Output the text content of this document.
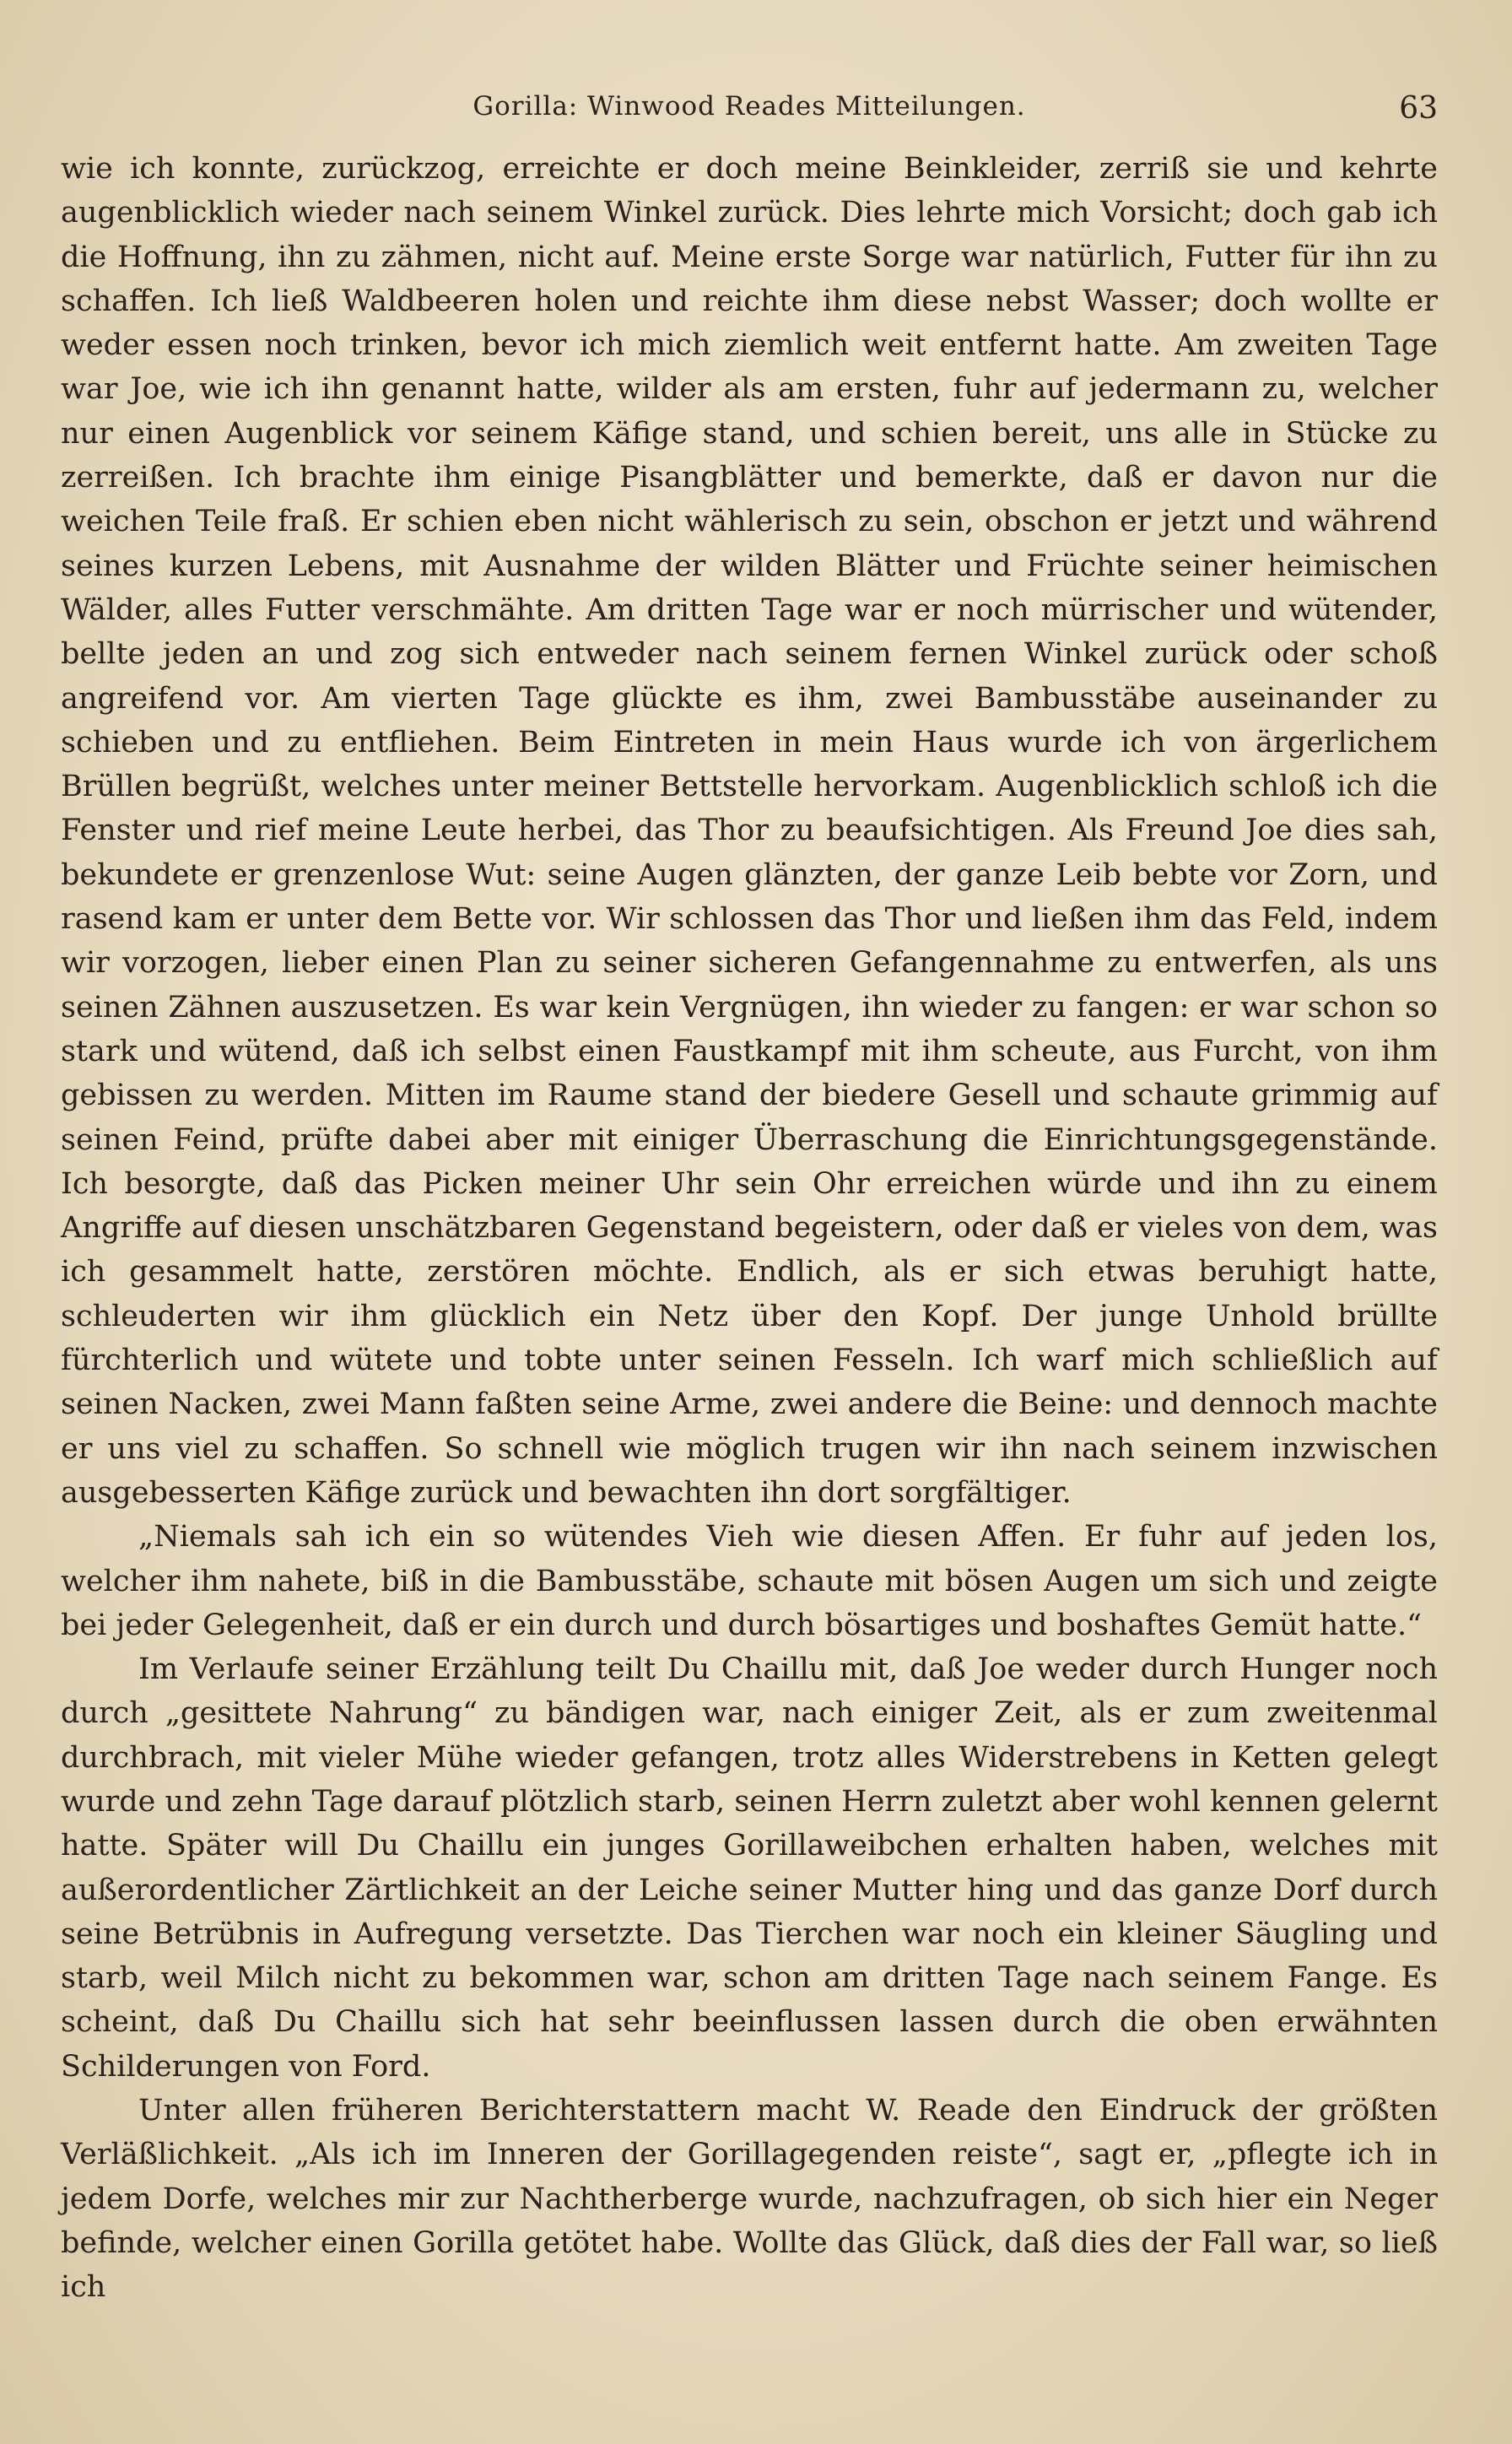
Gorilla: Winwood Reades Mitteilungen.	63

wie ich konnte, zurückzog, erreichte er doch meine Beinkleider, zerriß sie und kehrte augenblicklich wieder nach seinem Winkel zurück. Dies lehrte mich Vorsicht; doch gab ich die Hoffnung, ihn zu zähmen, nicht auf. Meine erste Sorge war natürlich, Futter für ihn zu schaffen. Ich ließ Waldbeeren holen und reichte ihm diese nebst Wasser; doch wollte er weder essen noch trinken, bevor ich mich ziemlich weit entfernt hatte. Am zweiten Tage war Joe, wie ich ihn genannt hatte, wilder als am ersten, fuhr auf jedermann zu, welcher nur einen Augenblick vor seinem Käfige stand, und schien bereit, uns alle in Stücke zu zerreißen. Ich brachte ihm einige Pisangblätter und bemerkte, daß er davon nur die weichen Teile fraß. Er schien eben nicht wählerisch zu sein, obschon er jetzt und während seines kurzen Lebens, mit Ausnahme der wilden Blätter und Früchte seiner heimischen Wälder, alles Futter verschmähte. Am dritten Tage war er noch mürrischer und wütender, bellte jeden an und zog sich entweder nach seinem fernen Winkel zurück oder schoß angreifend vor. Am vierten Tage glückte es ihm, zwei Bambusstäbe auseinander zu schieben und zu entfliehen. Beim Eintreten in mein Haus wurde ich von ärgerlichem Brüllen begrüßt, welches unter meiner Bettstelle hervorkam. Augenblicklich schloß ich die Fenster und rief meine Leute herbei, das Thor zu beaufsichtigen. Als Freund Joe dies sah, bekundete er grenzenlose Wut: seine Augen glänzten, der ganze Leib bebte vor Zorn, und rasend kam er unter dem Bette vor. Wir schlossen das Thor und ließen ihm das Feld, indem wir vorzogen, lieber einen Plan zu seiner sicheren Gefangennahme zu entwerfen, als uns seinen Zähnen auszusetzen. Es war kein Vergnügen, ihn wieder zu fangen: er war schon so stark und wütend, daß ich selbst einen Faustkampf mit ihm scheute, aus Furcht, von ihm gebissen zu werden. Mitten im Raume stand der biedere Gesell und schaute grimmig auf seinen Feind, prüfte dabei aber mit einiger Überraschung die Einrichtungsgegenstände. Ich besorgte, daß das Picken meiner Uhr sein Ohr erreichen würde und ihn zu einem Angriffe auf diesen unschätzbaren Gegenstand begeistern, oder daß er vieles von dem, was ich gesammelt hatte, zerstören möchte. Endlich, als er sich etwas beruhigt hatte, schleuderten wir ihm glücklich ein Netz über den Kopf. Der junge Unhold brüllte fürchterlich und wütete und tobte unter seinen Fesseln. Ich warf mich schließlich auf seinen Nacken, zwei Mann faßten seine Arme, zwei andere die Beine: und dennoch machte er uns viel zu schaffen. So schnell wie möglich trugen wir ihn nach seinem inzwischen ausgebesserten Käfige zurück und bewachten ihn dort sorgfältiger.

„Niemals sah ich ein so wütendes Vieh wie diesen Affen. Er fuhr auf jeden los, welcher ihm nahete, biß in die Bambusstäbe, schaute mit bösen Augen um sich und zeigte bei jeder Gelegenheit, daß er ein durch und durch bösartiges und boshaftes Gemüt hatte.“

Im Verlaufe seiner Erzählung teilt Du Chaillu mit, daß Joe weder durch Hunger noch durch „gesittete Nahrung“ zu bändigen war, nach einiger Zeit, als er zum zweitenmal durchbrach, mit vieler Mühe wieder gefangen, trotz alles Widerstrebens in Ketten gelegt wurde und zehn Tage darauf plötzlich starb, seinen Herrn zuletzt aber wohl kennen gelernt hatte. Später will Du Chaillu ein junges Gorillaweibchen erhalten haben, welches mit außerordentlicher Zärtlichkeit an der Leiche seiner Mutter hing und das ganze Dorf durch seine Betrübnis in Aufregung versetzte. Das Tierchen war noch ein kleiner Säugling und starb, weil Milch nicht zu bekommen war, schon am dritten Tage nach seinem Fange. Es scheint, daß Du Chaillu sich hat sehr beeinflussen lassen durch die oben erwähnten Schilderungen von Ford.

Unter allen früheren Berichterstattern macht W. Reade den Eindruck der größten Verläßlichkeit. „Als ich im Inneren der Gorillagegenden reiste“, sagt er, „pflegte ich in jedem Dorfe, welches mir zur Nachtherberge wurde, nachzufragen, ob sich hier ein Neger befinde, welcher einen Gorilla getötet habe. Wollte das Glück, daß dies der Fall war, so ließ ich
